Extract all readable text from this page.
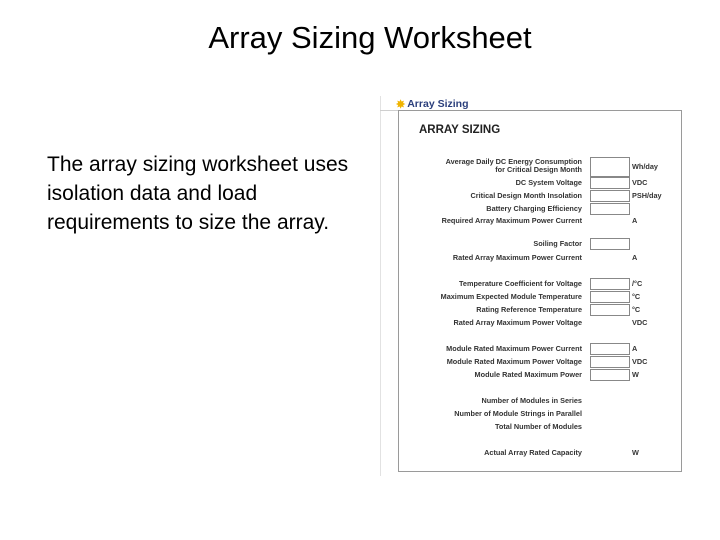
Array Sizing Worksheet

The array sizing worksheet uses isolation data and load requirements to size the array.

✸ Array Sizing
ARRAY SIZING
Average Daily DC Energy Consumption
for Critical Design Month	Wh/day
DC System Voltage	VDC
Critical Design Month Insolation	PSH/day
Battery Charging Efficiency
Required Array Maximum Power Current	A
Soiling Factor
Rated Array Maximum Power Current	A
Temperature Coefficient for Voltage	/°C
Maximum Expected Module Temperature	°C
Rating Reference Temperature	°C
Rated Array Maximum Power Voltage	VDC
Module Rated Maximum Power Current	A
Module Rated Maximum Power Voltage	VDC
Module Rated Maximum Power	W
Number of Modules in Series
Number of Module Strings in Parallel
Total Number of Modules
Actual Array Rated Capacity	W
